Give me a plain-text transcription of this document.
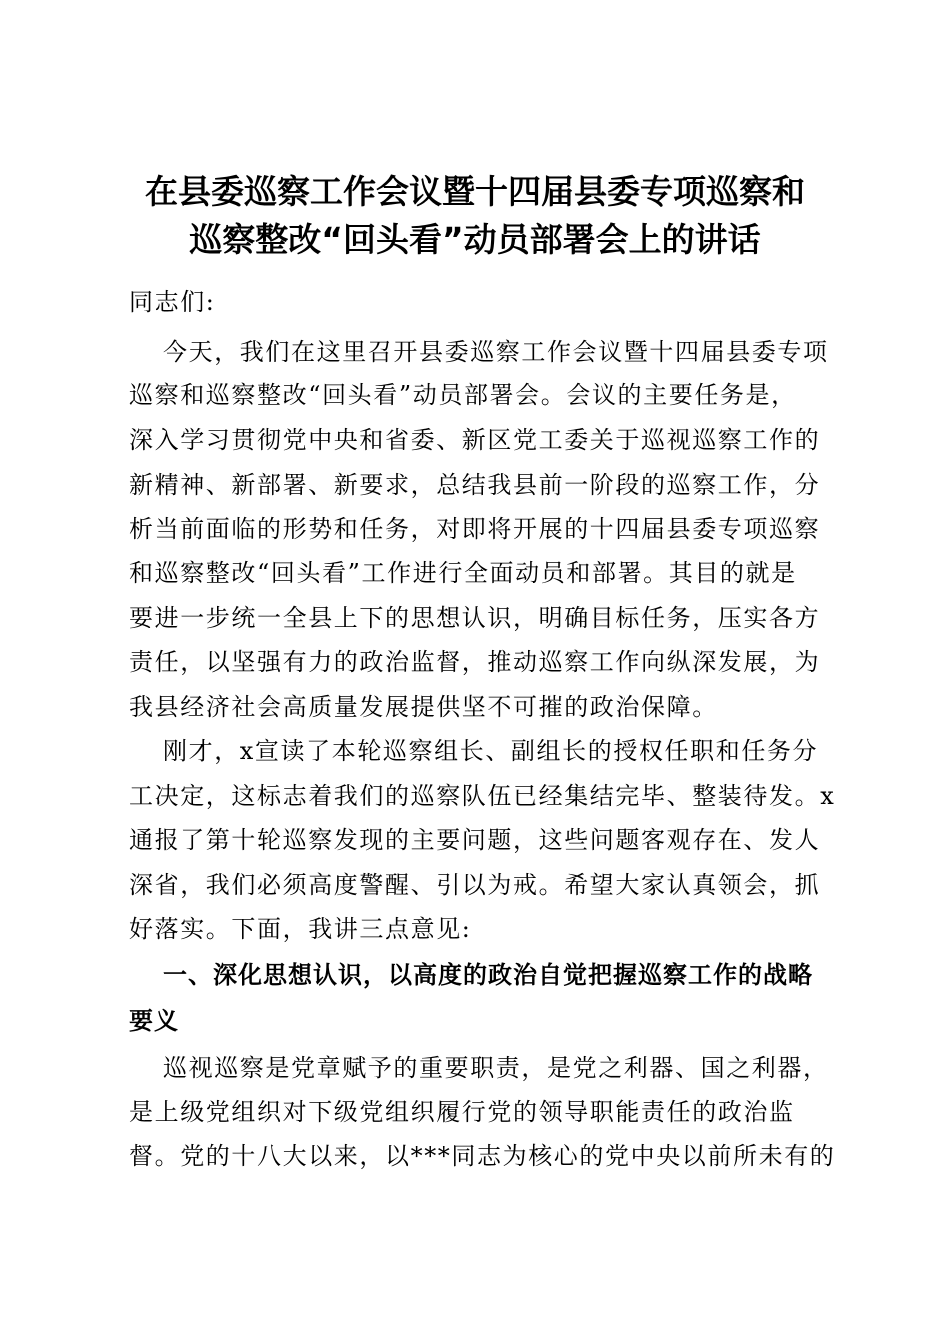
在县委巡察工作会议暨十四届县委专项巡察和
巡察整改“回头看”动员部署会上的讲话
同志们:
今天，我们在这里召开县委巡察工作会议暨十四届县委专项
巡察和巡察整改“回头看”动员部署会。会议的主要任务是，
深入学习贯彻党中央和省委、新区党工委关于巡视巡察工作的
新精神、新部署、新要求，总结我县前一阶段的巡察工作，分
析当前面临的形势和任务，对即将开展的十四届县委专项巡察
和巡察整改“回头看”工作进行全面动员和部署。其目的就是
要进一步统一全县上下的思想认识，明确目标任务，压实各方
责任，以坚强有力的政治监督，推动巡察工作向纵深发展，为
我县经济社会高质量发展提供坚不可摧的政治保障。
刚才，x宣读了本轮巡察组长、副组长的授权任职和任务分
工决定，这标志着我们的巡察队伍已经集结完毕、整装待发。x
通报了第十轮巡察发现的主要问题，这些问题客观存在、发人
深省，我们必须高度警醒、引以为戒。希望大家认真领会，抓
好落实。下面，我讲三点意见:
一、深化思想认识，以高度的政治自觉把握巡察工作的战略
要义
巡视巡察是党章赋予的重要职责，是党之利器、国之利器，
是上级党组织对下级党组织履行党的领导职能责任的政治监
督。党的十八大以来，以***同志为核心的党中央以前所未有的
